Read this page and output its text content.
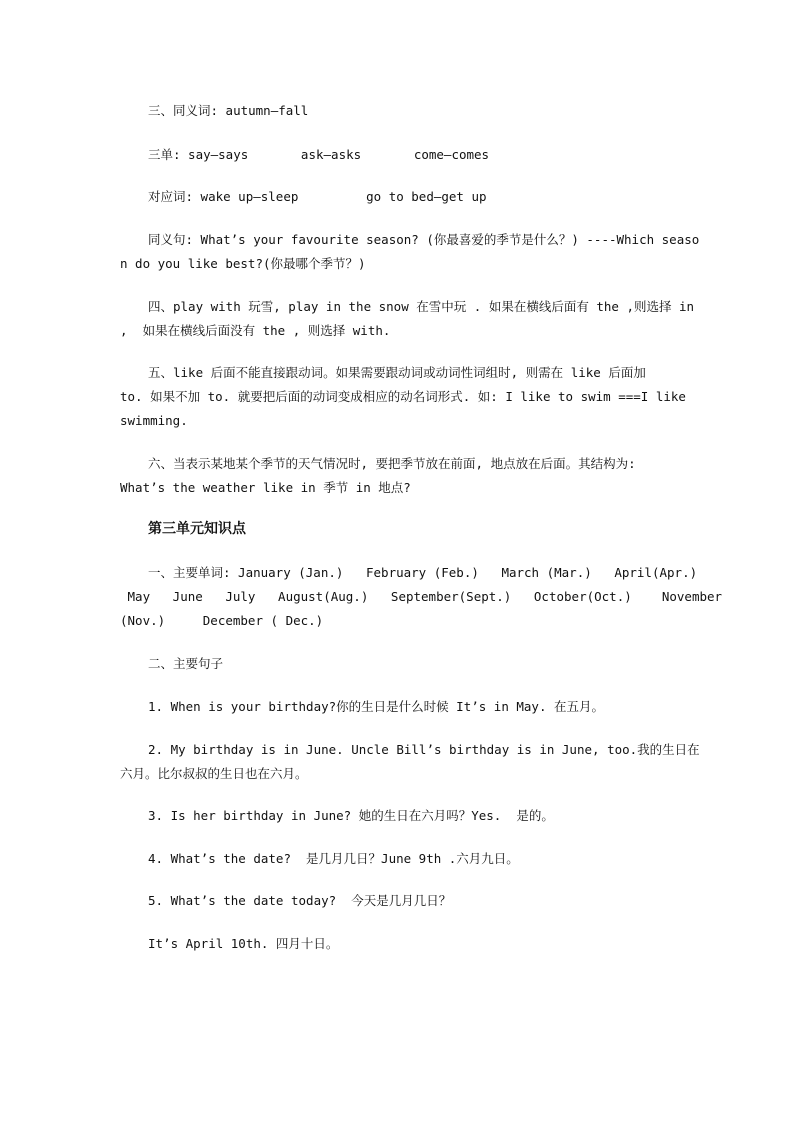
三、同义词: autumn—fall
三单: say—says       ask—asks       come—comes
对应词: wake up—sleep         go to bed—get up
同义句: What’s your favourite season? (你最喜爱的季节是什么？) ----Which seaso
n do you like best?(你最哪个季节？)
四、play with 玩雪, play in the snow 在雪中玩 . 如果在横线后面有 the ,则选择 in
,  如果在横线后面没有 the , 则选择 with.
五、like 后面不能直接跟动词。如果需要跟动词或动词性词组时, 则需在 like 后面加
to. 如果不加 to. 就要把后面的动词变成相应的动名词形式. 如: I like to swim ===I like
swimming.
六、当表示某地某个季节的天气情况时, 要把季节放在前面, 地点放在后面。其结构为:
What’s the weather like in 季节 in 地点?
第三单元知识点
一、主要单词: January (Jan.)   February (Feb.)   March (Mar.)   April(Apr.)
May   June   July   August(Aug.)   September(Sept.)   October(Oct.)    November
(Nov.)     December ( Dec.)
二、主要句子
1. When is your birthday?你的生日是什么时候 It’s in May. 在五月。
2. My birthday is in June. Uncle Bill’s birthday is in June, too.我的生日在
六月。比尔叔叔的生日也在六月。
3. Is her birthday in June? 她的生日在六月吗？Yes.  是的。
4. What’s the date?  是几月几日？June 9th .六月九日。
5. What’s the date today?  今天是几月几日？
It’s April 10th. 四月十日。
